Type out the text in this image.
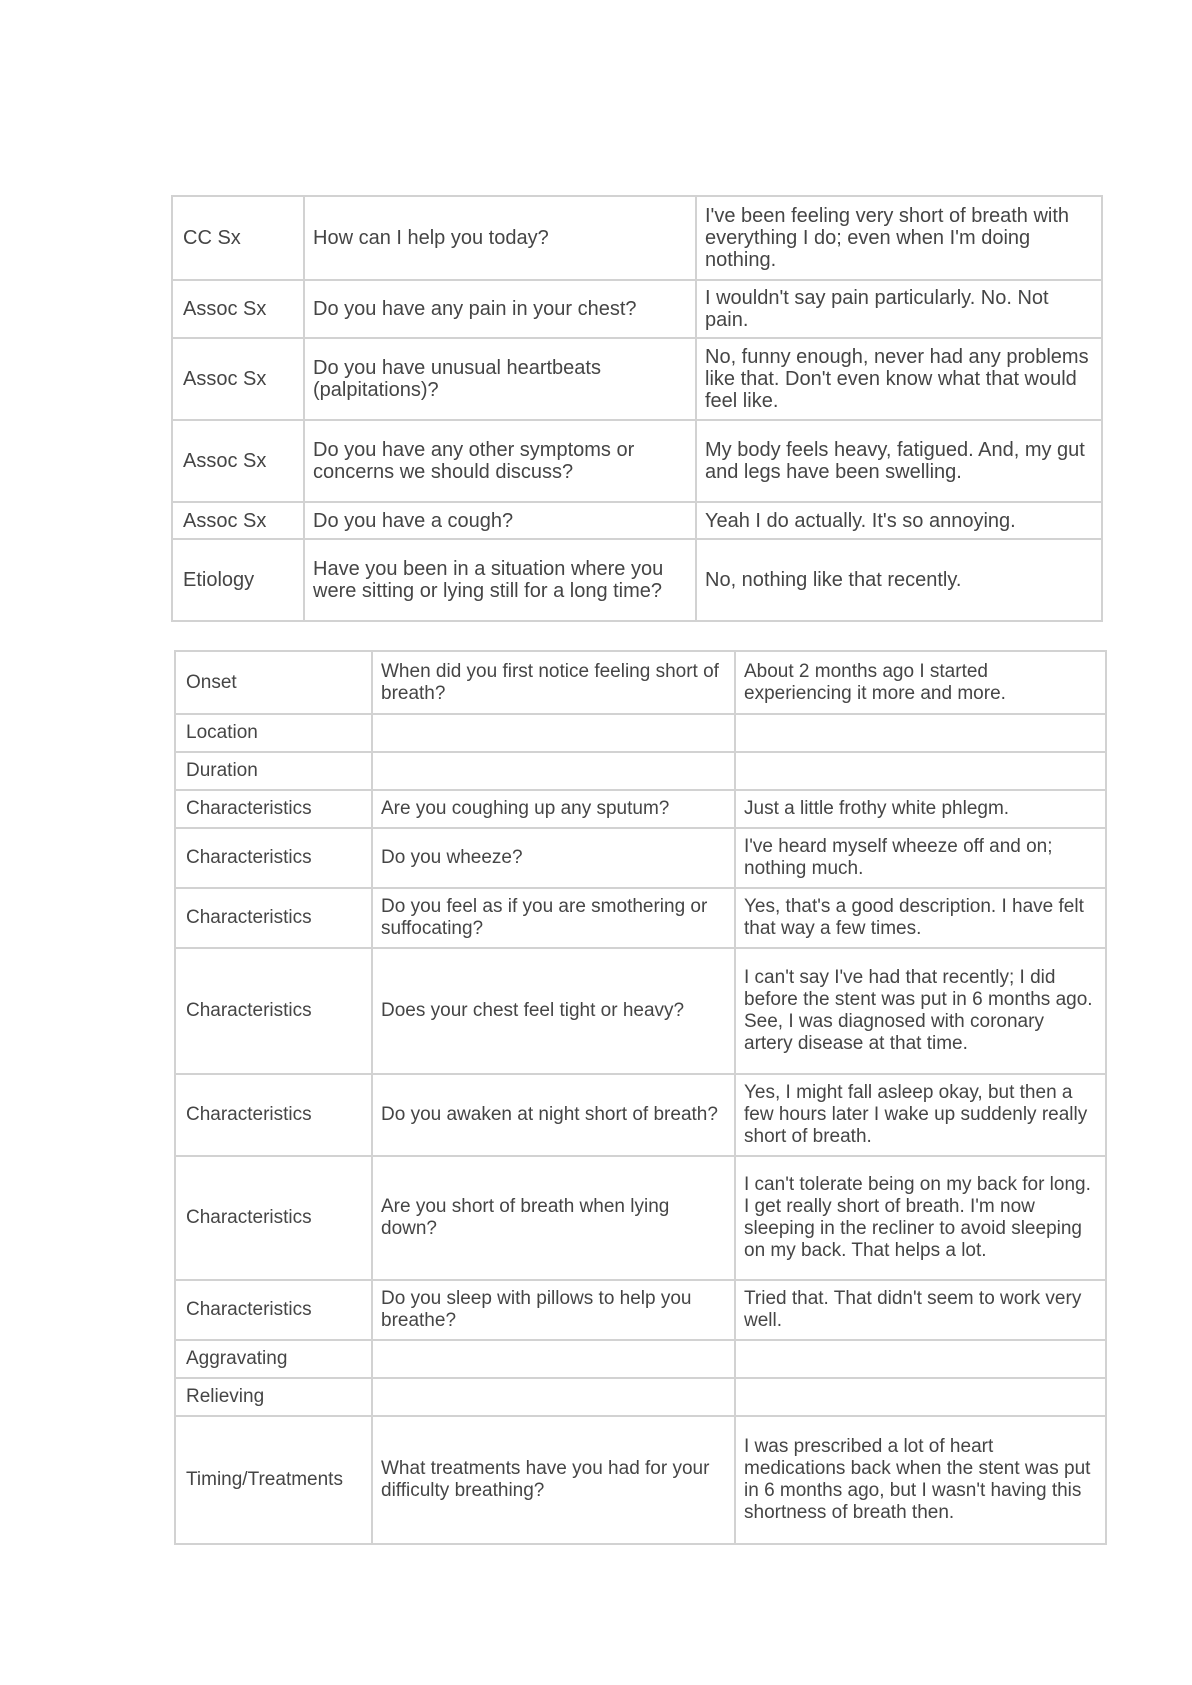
CC Sx	How can I help you today?	I've been feeling very short of breath with everything I do; even when I'm doing nothing.
Assoc Sx	Do you have any pain in your chest?	I wouldn't say pain particularly. No. Not pain.
Assoc Sx	Do you have unusual heartbeats (palpitations)?	No, funny enough, never had any problems like that. Don't even know what that would feel like.
Assoc Sx	Do you have any other symptoms or concerns we should discuss?	My body feels heavy, fatigued. And, my gut and legs have been swelling.
Assoc Sx	Do you have a cough?	Yeah I do actually. It's so annoying.
Etiology	Have you been in a situation where you were sitting or lying still for a long time?	No, nothing like that recently.
Onset	When did you first notice feeling short of breath?	About 2 months ago I started experiencing it more and more.
Location		
Duration		
Characteristics	Are you coughing up any sputum?	Just a little frothy white phlegm.
Characteristics	Do you wheeze?	I've heard myself wheeze off and on; nothing much.
Characteristics	Do you feel as if you are smothering or suffocating?	Yes, that's a good description. I have felt that way a few times.
Characteristics	Does your chest feel tight or heavy?	I can't say I've had that recently; I did before the stent was put in 6 months ago. See, I was diagnosed with coronary artery disease at that time.
Characteristics	Do you awaken at night short of breath?	Yes, I might fall asleep okay, but then a few hours later I wake up suddenly really short of breath.
Characteristics	Are you short of breath when lying down?	I can't tolerate being on my back for long. I get really short of breath. I'm now sleeping in the recliner to avoid sleeping on my back. That helps a lot.
Characteristics	Do you sleep with pillows to help you breathe?	Tried that. That didn't seem to work very well.
Aggravating		
Relieving		
Timing/Treatments	What treatments have you had for your difficulty breathing?	I was prescribed a lot of heart medications back when the stent was put in 6 months ago, but I wasn't having this shortness of breath then.
